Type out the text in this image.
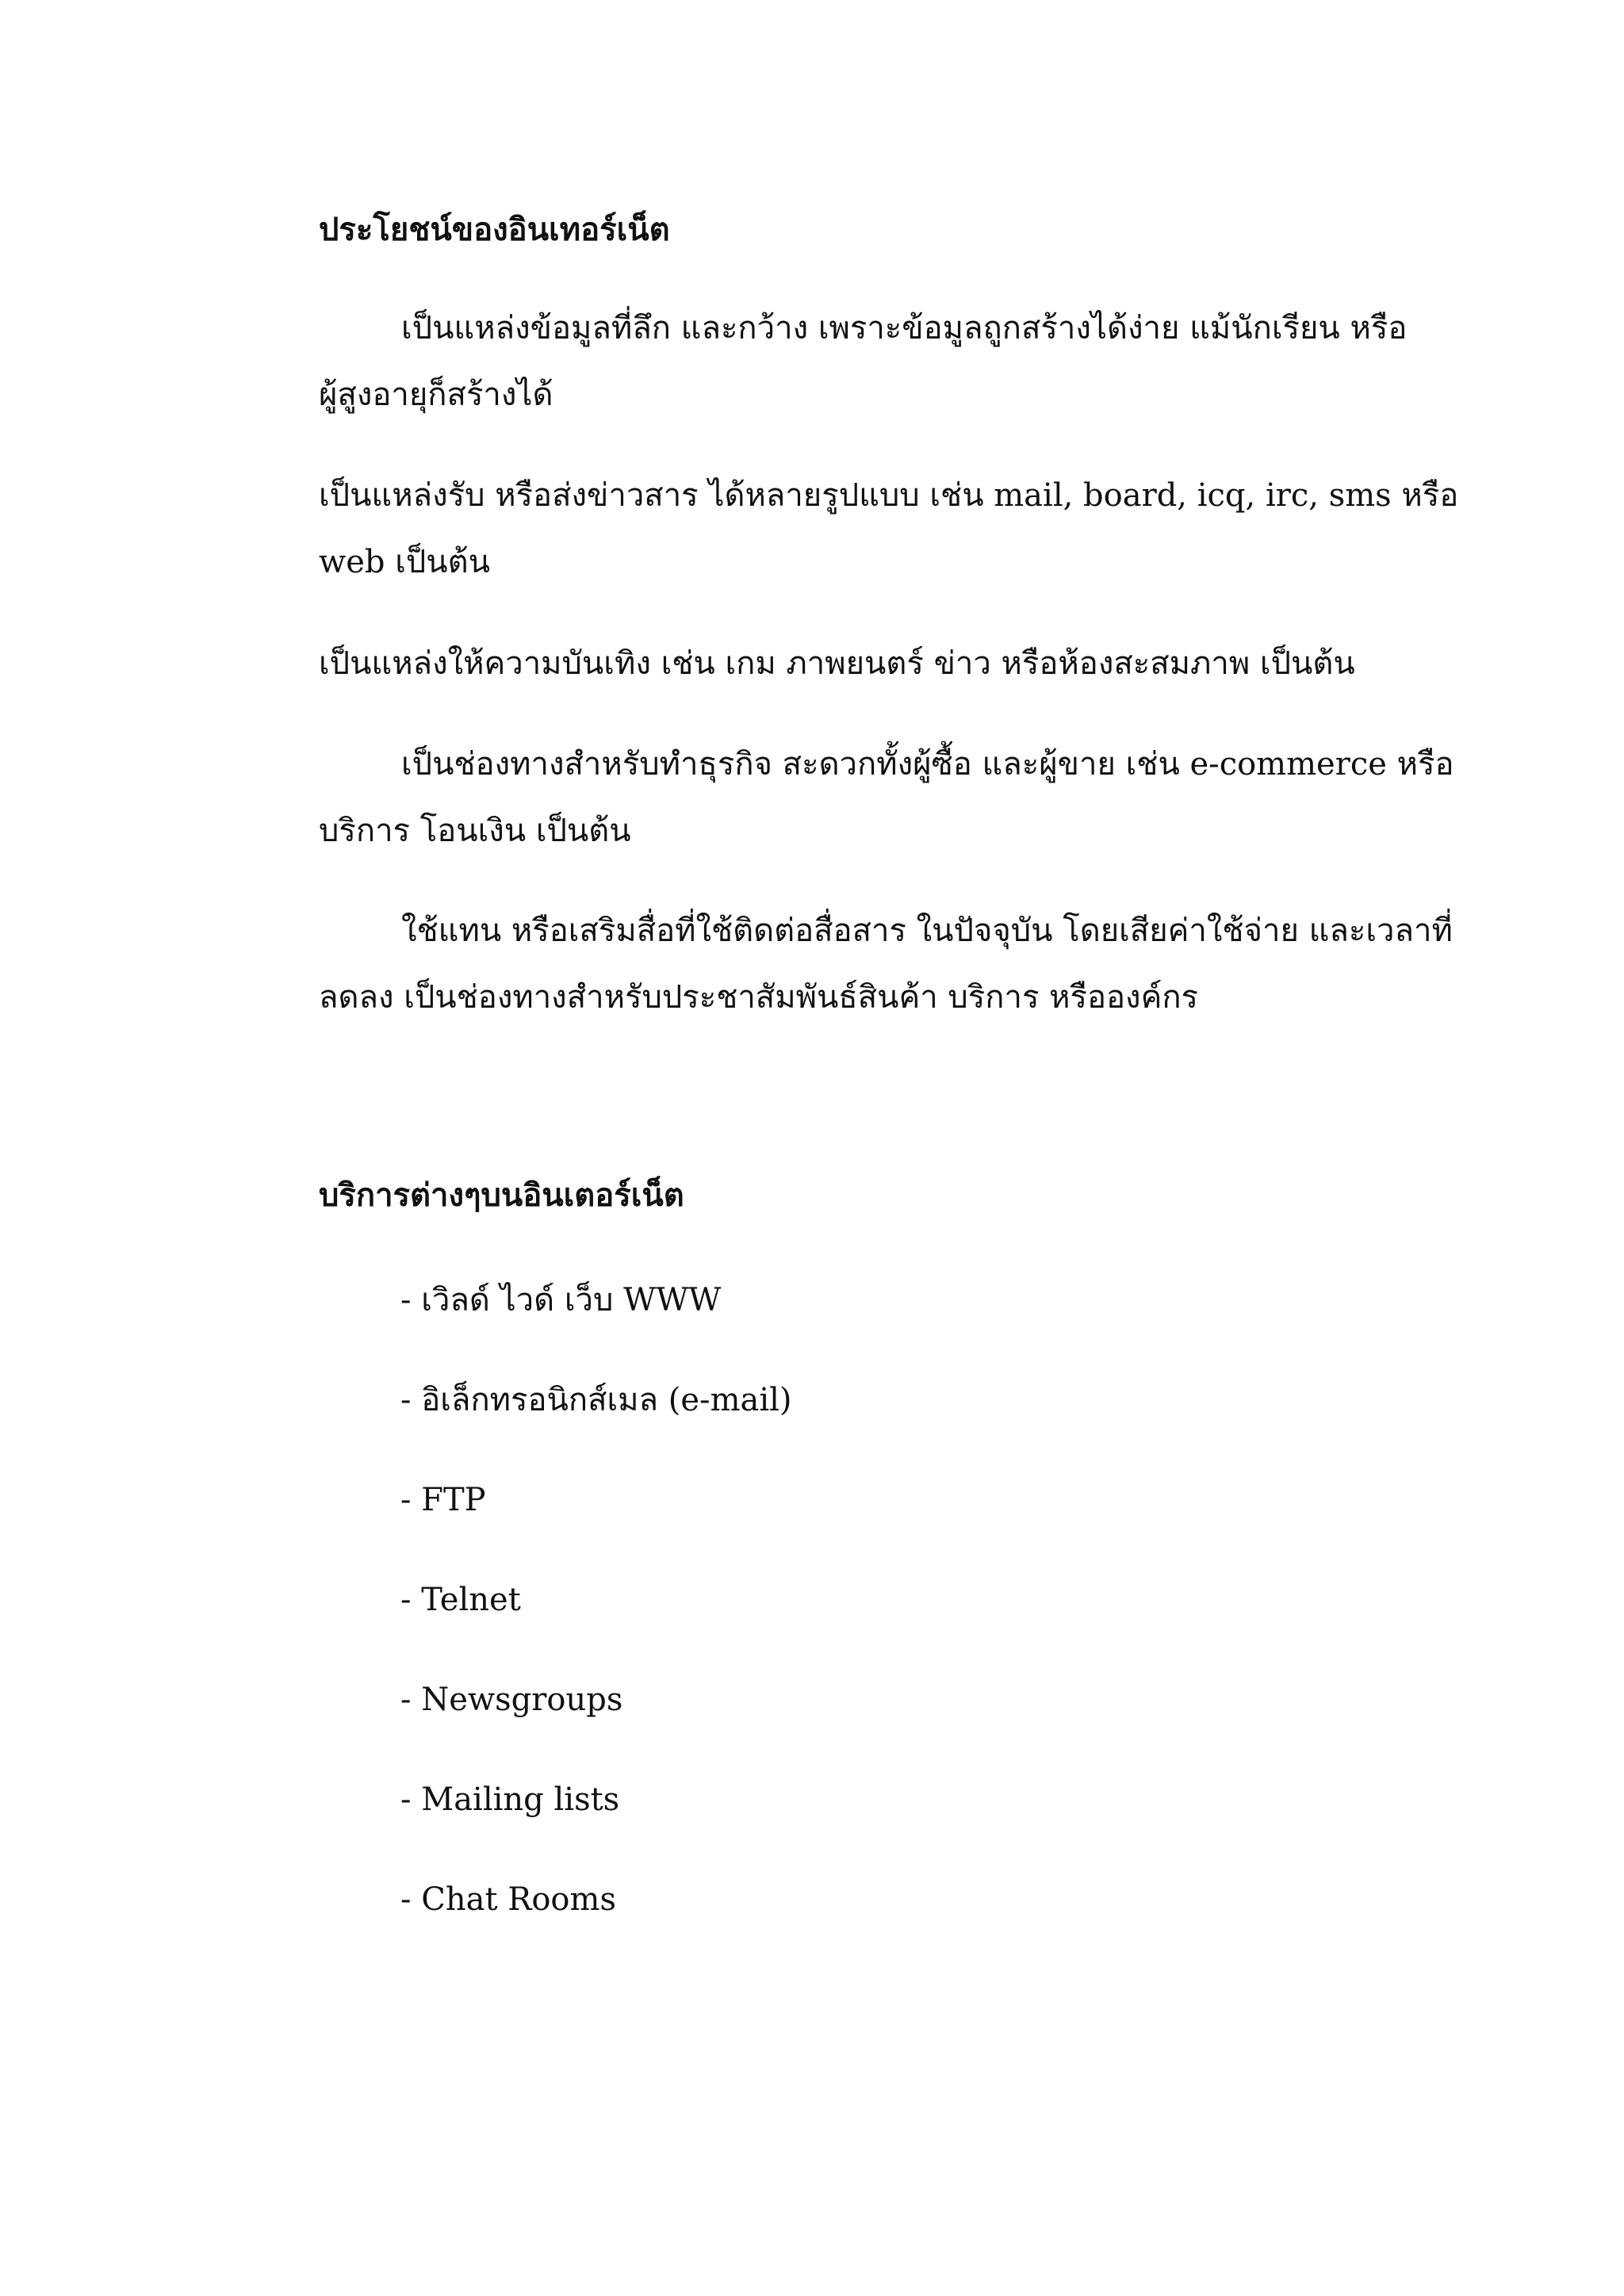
ประโยชน์ของอินเทอร์เน็ต
เป็นแหล่งข้อมูลที่ลึก และกว้าง เพราะข้อมูลถูกสร้างได้ง่าย แม้นักเรียน หรือ
ผู้สูงอายุก็สร้างได้
เป็นแหล่งรับ หรือส่งข่าวสาร ได้หลายรูปแบบ เช่น mail, board, icq, irc, sms หรือ
web เป็นต้น
เป็นแหล่งให้ความบันเทิง เช่น เกม ภาพยนตร์ ข่าว หรือห้องสะสมภาพ เป็นต้น
เป็นช่องทางสำหรับทำธุรกิจ สะดวกทั้งผู้ซื้อ และผู้ขาย เช่น e-commerce หรือ
บริการ โอนเงิน เป็นต้น
ใช้แทน หรือเสริมสื่อที่ใช้ติดต่อสื่อสาร ในปัจจุบัน โดยเสียค่าใช้จ่าย และเวลาที่
ลดลง เป็นช่องทางสำหรับประชาสัมพันธ์สินค้า บริการ หรือองค์กร
บริการต่างๆบนอินเตอร์เน็ต
- เวิลด์ ไวด์ เว็บ WWW
- อิเล็กทรอนิกส์เมล (e-mail)
- FTP
- Telnet
- Newsgroups
- Mailing lists
- Chat Rooms
